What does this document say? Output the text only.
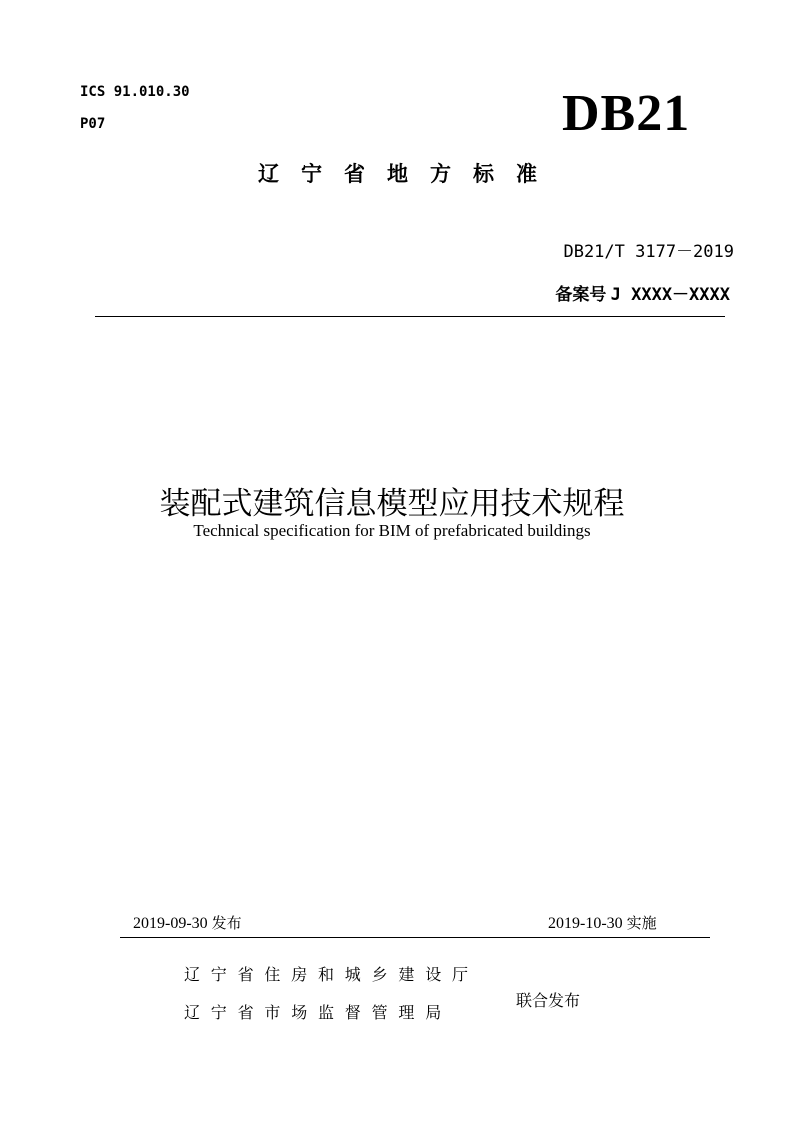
ICS 91.010.30
P07	DB21
辽宁省地方标准
DB21/T 3177－2019
备案号 J XXXX－XXXX
装配式建筑信息模型应用技术规程
Technical specification for BIM of prefabricated buildings
2019-09-30 发布	2019-10-30 实施
辽宁省住房和城乡建设厅
辽宁省市场监督管理局
联合发布
